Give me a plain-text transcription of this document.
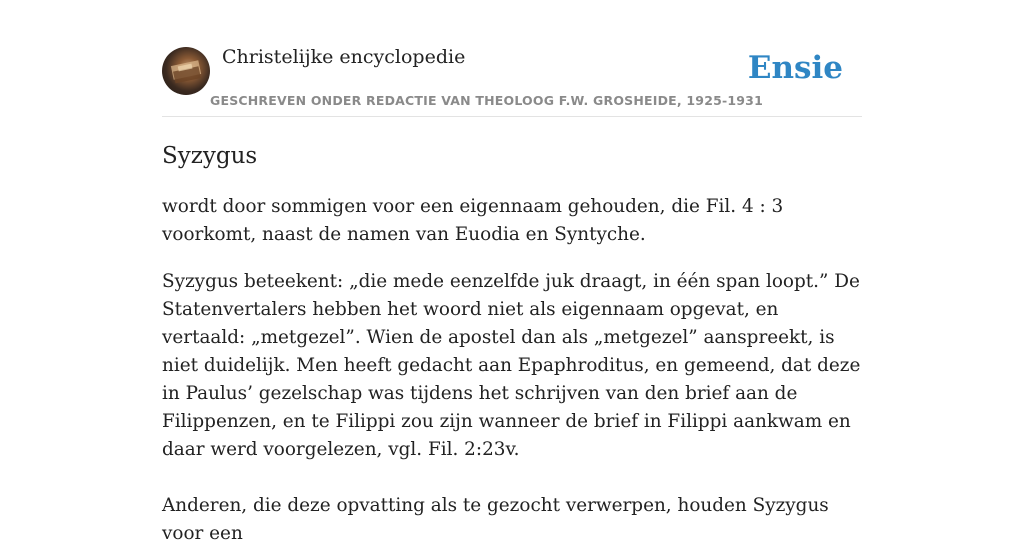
Christelijke encyclopedie
GESCHREVEN ONDER REDACTIE VAN THEOLOOG F.W. GROSHEIDE, 1925-1931
Ensie
Syzygus

wordt door sommigen voor een eigennaam gehouden, die Fil. 4 : 3 voorkomt, naast de namen van Euodia en Syntyche.

Syzygus beteekent: „die mede eenzelfde juk draagt, in één span loopt.” De Statenvertalers hebben het woord niet als eigennaam opgevat, en vertaald: „metgezel”. Wien de apostel dan als „metgezel” aanspreekt, is niet duidelijk. Men heeft gedacht aan Epaphroditus, en gemeend, dat deze in Paulus’ gezelschap was tijdens het schrijven van den brief aan de Filippenzen, en te Filippi zou zijn wanneer de brief in Filippi aankwam en daar werd voorgelezen, vgl. Fil. 2:23v.

Anderen, die deze opvatting als te gezocht verwerpen, houden Syzygus voor een
